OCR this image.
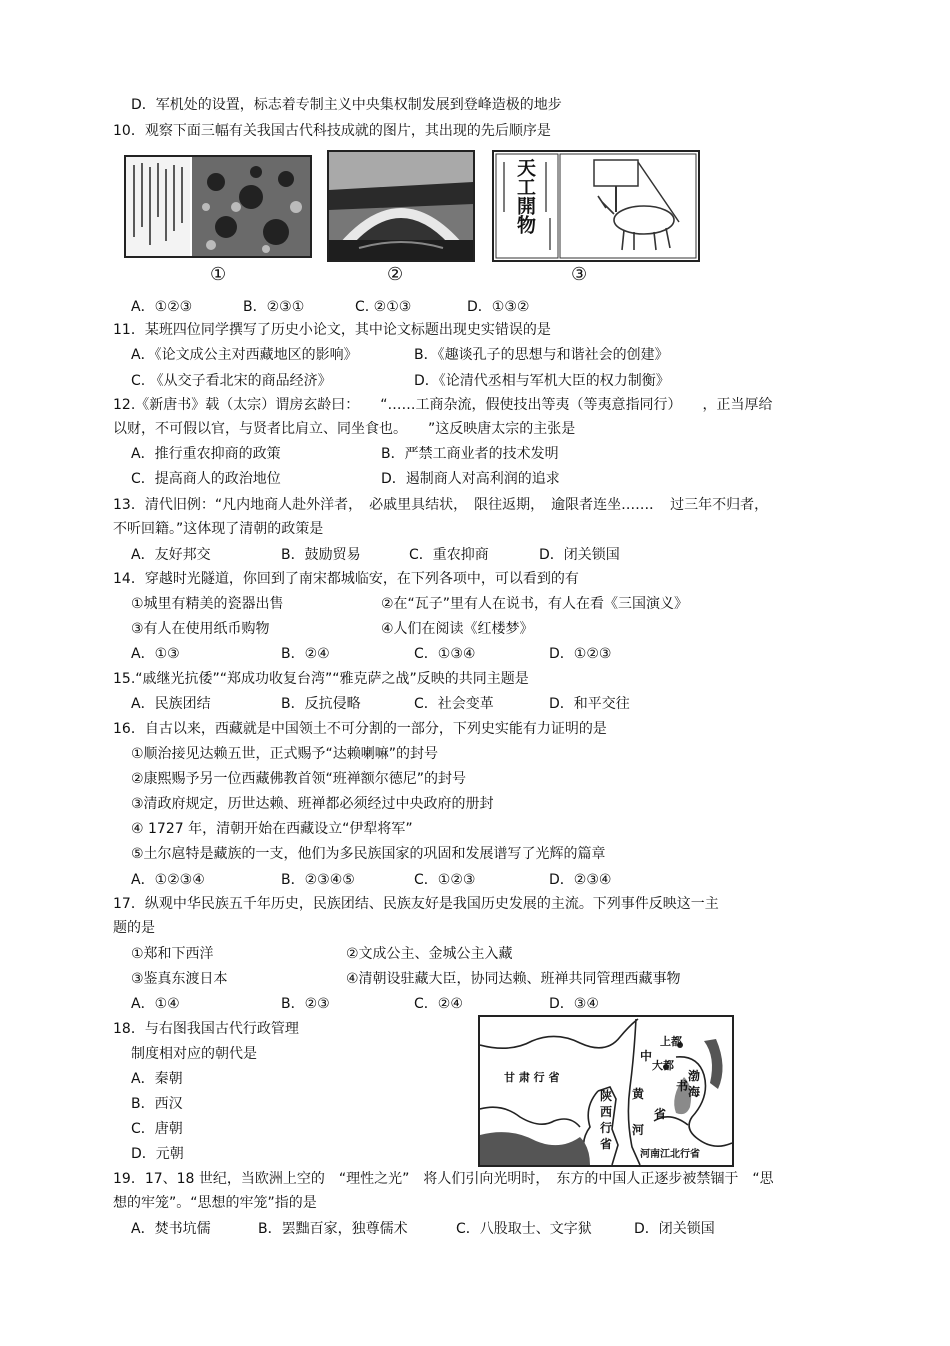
D．军机处的设置，标志着专制主义中央集权制发展到登峰造极的地步
10．观察下面三幅有关我国古代科技成就的图片，其出现的先后顺序是
①	②
天工開物
③
A．①②③	B．②③①	C. ②①③	D．①③②
11．某班四位同学撰写了历史小论文，其中论文标题出现史实错误的是
A．《论文成公主对西藏地区的影响》	B．《趣谈孔子的思想与和谐社会的创建》
C. 《从交子看北宋的商品经济》	D．《论清代丞相与军机大臣的权力制衡》
12.《新唐书》载（太宗）谓房玄龄曰：　　“……工商杂流，假使技出等夷（等夷意指同行）　　，正当厚给
以财，不可假以官，与贤者比肩立、同坐食也。　　”这反映唐太宗的主张是
A．推行重农抑商的政策	B．严禁工商业者的技术发明
C．提高商人的政治地位	D．遏制商人对高利润的追求
13．清代旧例：“凡内地商人赴外洋者，　必戚里具结状，　限往返期，　逾限者连坐……．　过三年不归者，
不听回籍。”这体现了清朝的政策是
A．友好邦交	B．鼓励贸易	C．重农抑商	D．闭关锁国
14．穿越时光隧道，你回到了南宋都城临安，在下列各项中，可以看到的有
①城里有精美的瓷器出售	②在“瓦子”里有人在说书，有人在看《三国演义》
③有人在使用纸币购物	④人们在阅读《红楼梦》
A．①③	B．②④	C．①③④	D．①②③
15.“戚继光抗倭”“郑成功收复台湾”“雅克萨之战”反映的共同主题是
A．民族团结	B．反抗侵略	C．社会变革	D．和平交往
16．自古以来，西藏就是中国领土不可分割的一部分，下列史实能有力证明的是
①顺治接见达赖五世，正式赐予“达赖喇嘛”的封号
②康熙赐予另一位西藏佛教首领“班禅额尔德尼”的封号
③清政府规定，历世达赖、班禅都必须经过中央政府的册封
④ 1727 年，清朝开始在西藏设立“伊犁将军”
⑤土尔扈特是藏族的一支，他们为多民族国家的巩固和发展谱写了光辉的篇章
A．①②③④	B．②③④⑤	C．①②③	D．②③④
17．纵观中华民族五千年历史，民族团结、民族友好是我国历史发展的主流。下列事件反映这一主
题的是
①郑和下西洋	②文成公主、金城公主入藏
③鉴真东渡日本	④清朝设驻藏大臣，协同达赖、班禅共同管理西藏事物
A．①④	B．②③	C．②④	D．③④
18．与右图我国古代行政管理
制度相对应的朝代是
A．秦朝
B．西汉
C．唐朝
D．元朝
甘 肃 行 省
陕
西
行
省
中
书
黄
省
河
上都
大都
渤
海
河南江北行省
19．17、18 世纪，当欧洲上空的　“理性之光”　将人们引向光明时，　东方的中国人正逐步被禁锢于　“思
想的牢笼”。“思想的牢笼”指的是
A．焚书坑儒	B．罢黜百家，独尊儒术	C．八股取士、文字狱	D．闭关锁国
